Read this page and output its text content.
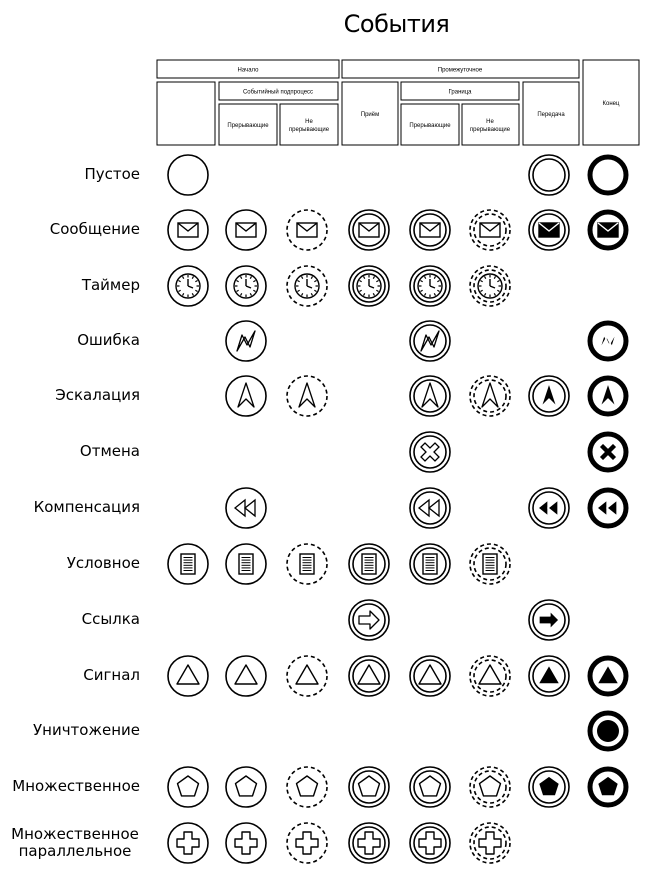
События
Начало	Промежуточное
Конец
Событийный подпроцесс
Приём
Граница
Передача
Прерывающие
Не
прерывающие
Прерывающие
Не
прерывающие
Пустое
Сообщение
Таймер
Ошибка
Эскалация
Отмена
Компенсация
Условное
Ссылка
Сигнал
Уничтожение
Множественное
Множественное параллельное
